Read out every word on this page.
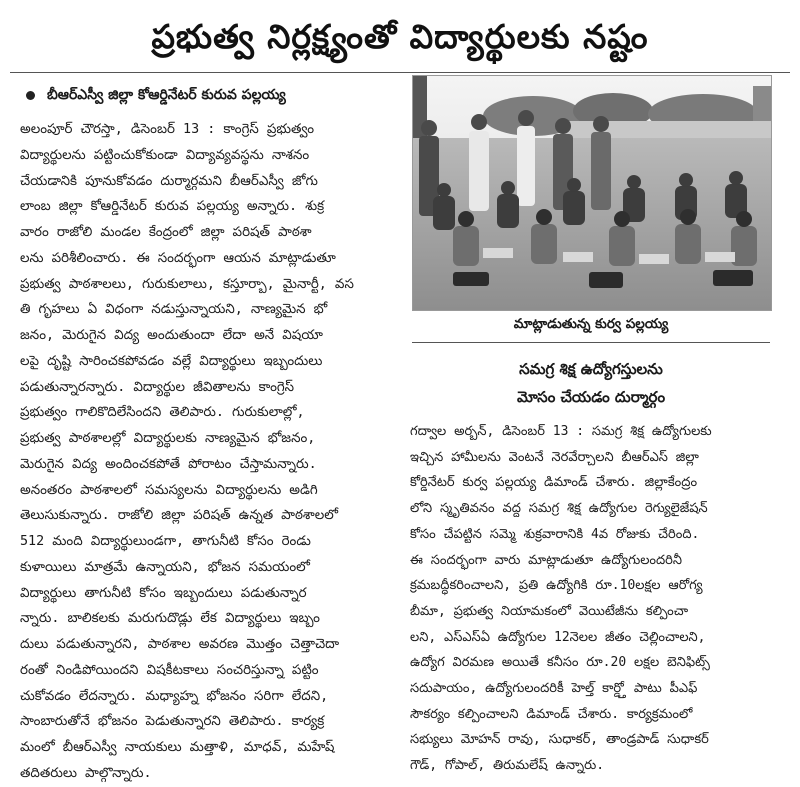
ప్రభుత్వ నిర్లక్ష్యంతో విద్యార్థులకు నష్టం
బీఆర్ఎస్వీ జిల్లా కోఆర్డినేటర్ కురువ పల్లయ్య
అలంపూర్ చౌరస్తా, డిసెంబర్ 13 : కాంగ్రెస్ ప్రభుత్వం
విద్యార్థులను పట్టించుకోకుండా విద్యావ్యవస్థను నాశనం
చేయడానికి పూనుకోవడం దుర్మార్గమని బీఆర్ఎస్వీ జోగు
లాంబ జిల్లా కోఆర్డినేటర్ కురువ పల్లయ్య అన్నారు. శుక్ర
వారం రాజోలి మండల కేంద్రంలో జిల్లా పరిషత్ పాఠశా
లను పరిశీలించారు. ఈ సందర్భంగా ఆయన మాట్లాడుతూ
ప్రభుత్వ పాఠశాలలు, గురుకులాలు, కస్తూర్బా, మైనార్టీ, వస
తి గృహలు ఏ విధంగా నడుస్తున్నాయని, నాణ్యమైన భో
జనం, మెరుగైన విద్య అందుతుందా లేదా అనే విషయా
లపై దృష్టి సారించకపోవడం వల్లే విద్యార్థులు ఇబ్బందులు
పడుతున్నారన్నారు. విద్యార్థుల జీవితాలను కాంగ్రెస్
ప్రభుత్వం గాలికొదిలేసిందని తెలిపారు. గురుకులాల్లో,
ప్రభుత్వ పాఠశాలల్లో విద్యార్థులకు నాణ్యమైన భోజనం,
మెరుగైన విద్య అందించకపోతే పోరాటం చేస్తామన్నారు.
అనంతరం పాఠశాలలో సమస్యలను విద్యార్థులను అడిగి
తెలుసుకున్నారు. రాజోలి జిల్లా పరిషత్ ఉన్నత పాఠశాలలో
512 మంది విద్యార్థులుండగా, తాగునీటి కోసం రెండు
కుళాయిలు మాత్రమే ఉన్నాయని, భోజన సమయంలో
విద్యార్థులు తాగునీటి కోసం ఇబ్బందులు పడుతున్నార
న్నారు. బాలికలకు మరుగుదొడ్లు లేక విద్యార్థులు ఇబ్బం
దులు పడుతున్నారని, పాఠశాల అవరణ మొత్తం చెత్తాచెదా
రంతో నిండిపోయిందని విషకీటకాలు సంచరిస్తున్నా పట్టిం
చుకోవడం లేదన్నారు. మధ్యాహ్న భోజనం సరిగా లేదని,
సాంబారుతోనే భోజనం పెడుతున్నారని తెలిపారు. కార్యక్ర
మంలో బీఆర్ఎస్వీ నాయకులు మత్తాళి, మాధవ్, మహేష్
తదితరులు పాల్గొన్నారు.
మాట్లాడుతున్న కుర్వ పల్లయ్య
సమగ్ర శిక్ష ఉద్యోగస్తులను
మోసం చేయడం దుర్మార్గం
గద్వాల అర్బన్, డిసెంబర్ 13 : సమగ్ర శిక్ష ఉద్యోగులకు
ఇచ్చిన హామీలను వెంటనే నెరవేర్చాలని బీఆర్ఎస్ జిల్లా
కోర్డినేటర్ కుర్వ పల్లయ్య డిమాండ్ చేశారు. జిల్లాకేంద్రం
లోని స్మృతివనం వద్ద సమగ్ర శిక్ష ఉద్యోగుల రెగ్యులైజేషన్
కోసం చేపట్టిన సమ్మె శుక్రవారానికి 4వ రోజుకు చేరింది.
ఈ సందర్భంగా వారు మాట్లాడుతూ ఉద్యోగులందరినీ
క్రమబద్ధీకరించాలని, ప్రతి ఉద్యోగికి రూ.10లక్షల ఆరోగ్య
బీమా, ప్రభుత్వ నియామకంలో వెయిటేజీను కల్పించా
లని, ఎస్ఎస్ఏ ఉద్యోగుల 12నెలల జీతం చెల్లించాలని,
ఉద్యోగ విరమణ అయితే కనీసం రూ.20 లక్షల బెనిఫిట్స్
సదుపాయం, ఉద్యోగులందరికీ హెల్త్ కార్డ్తో పాటు పీఎఫ్
సౌకర్యం కల్పించాలని డిమాండ్ చేశారు. కార్యక్రమంలో
సభ్యులు మోహన్ రావు, సుధాకర్, తాండ్రపాడ్ సుధాకర్
గౌడ్, గోపాల్, తిరుమలేష్ ఉన్నారు.
